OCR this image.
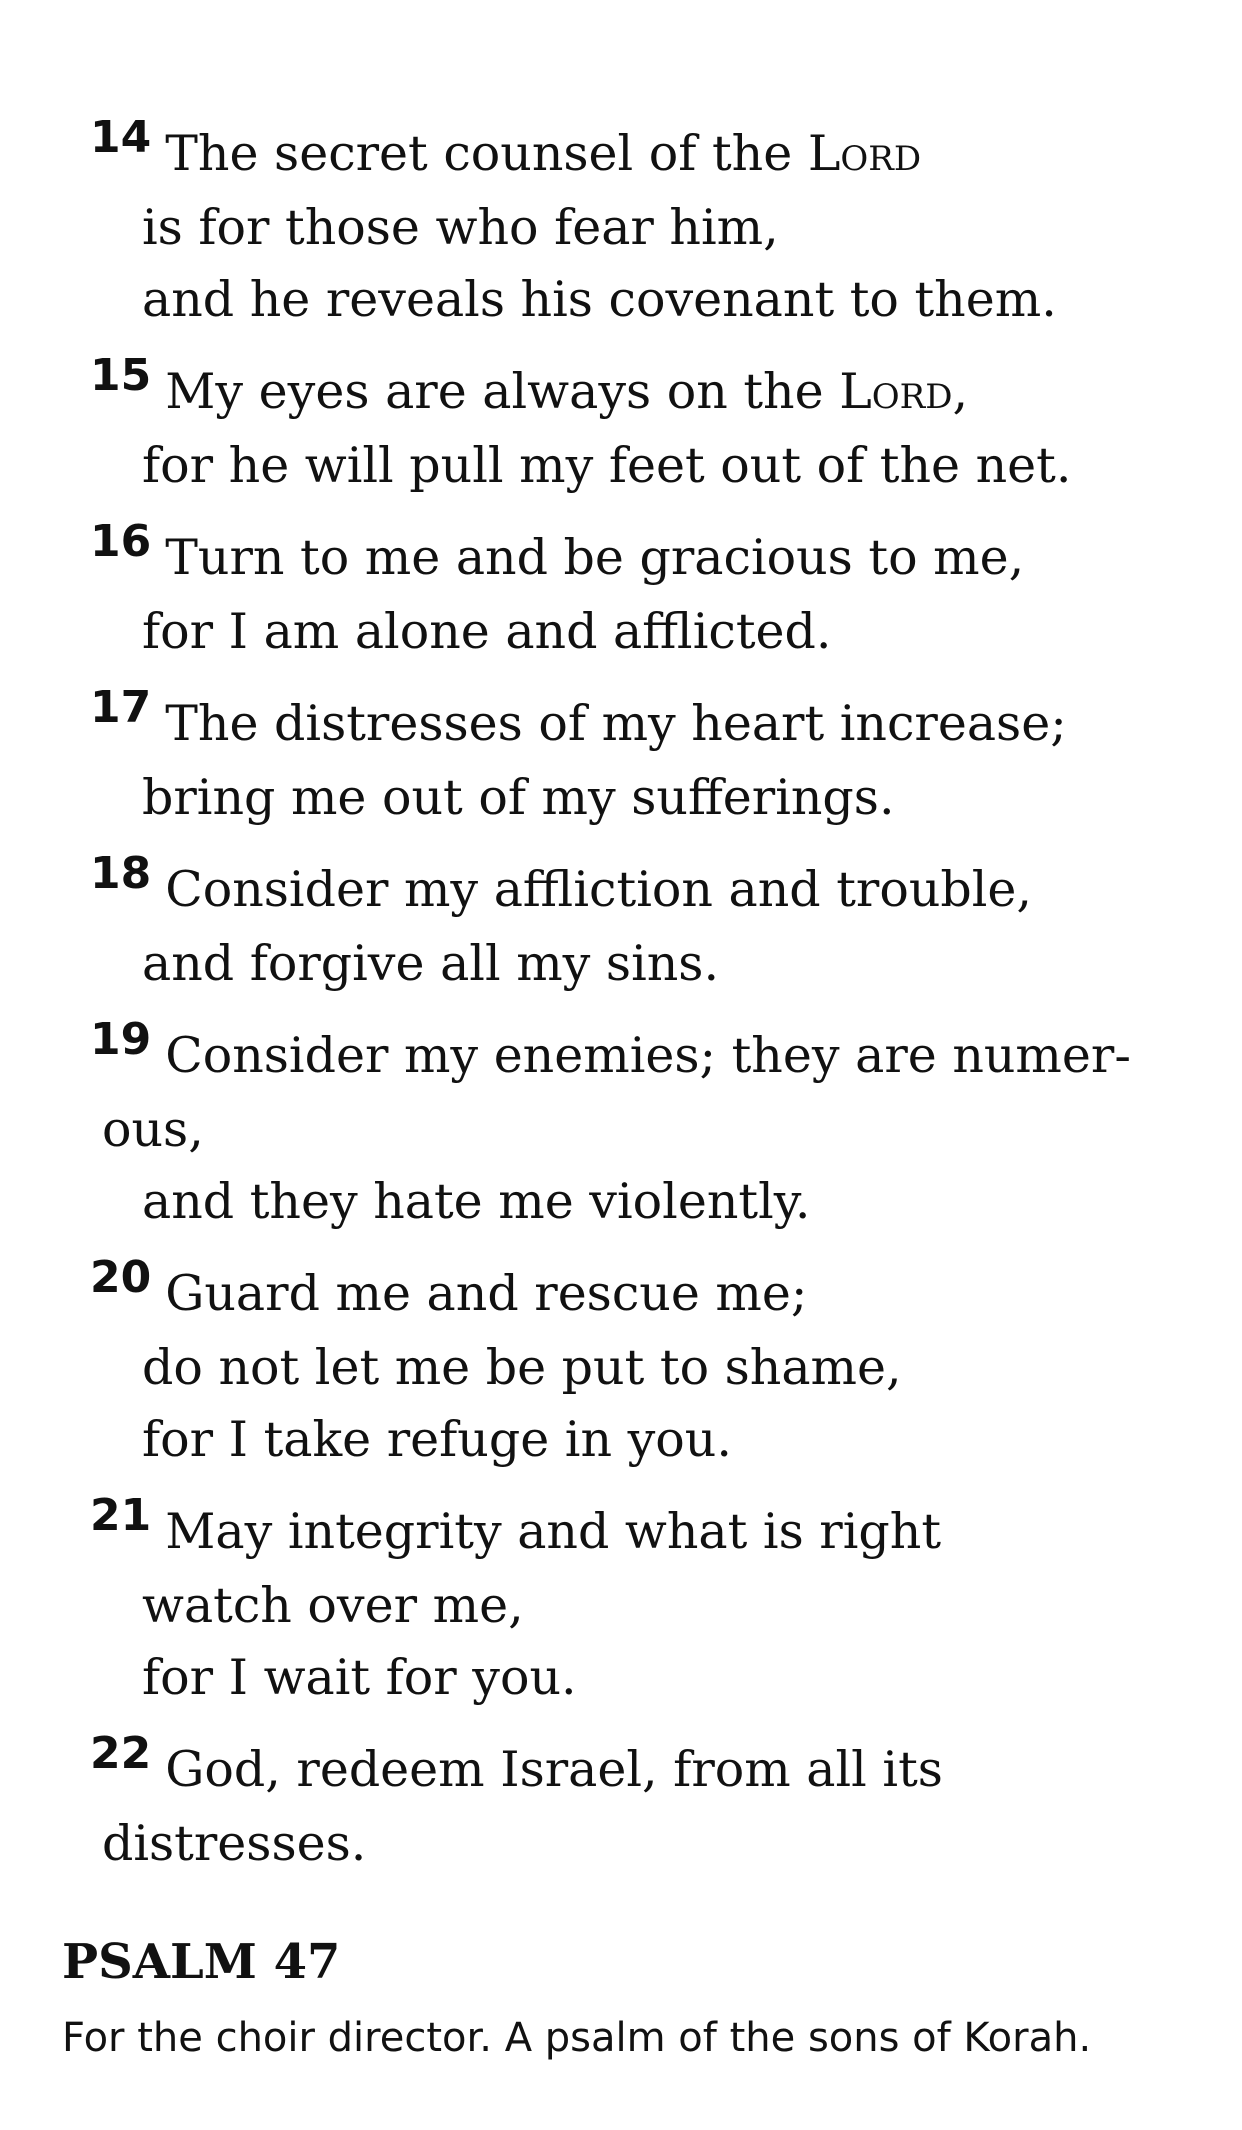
14 The secret counsel of the Lord
is for those who fear him,
and he reveals his covenant to them.

15 My eyes are always on the Lord,
for he will pull my feet out of the net.

16 Turn to me and be gracious to me,
for I am alone and afflicted.

17 The distresses of my heart increase;
bring me out of my sufferings.

18 Consider my affliction and trouble,
and forgive all my sins.

19 Consider my enemies; they are numer-
ous,
and they hate me violently.

20 Guard me and rescue me;
do not let me be put to shame,
for I take refuge in you.

21 May integrity and what is right
watch over me,
for I wait for you.

22 God, redeem Israel, from all its
distresses.

PSALM 47

For the choir director. A psalm of the sons of Korah.
